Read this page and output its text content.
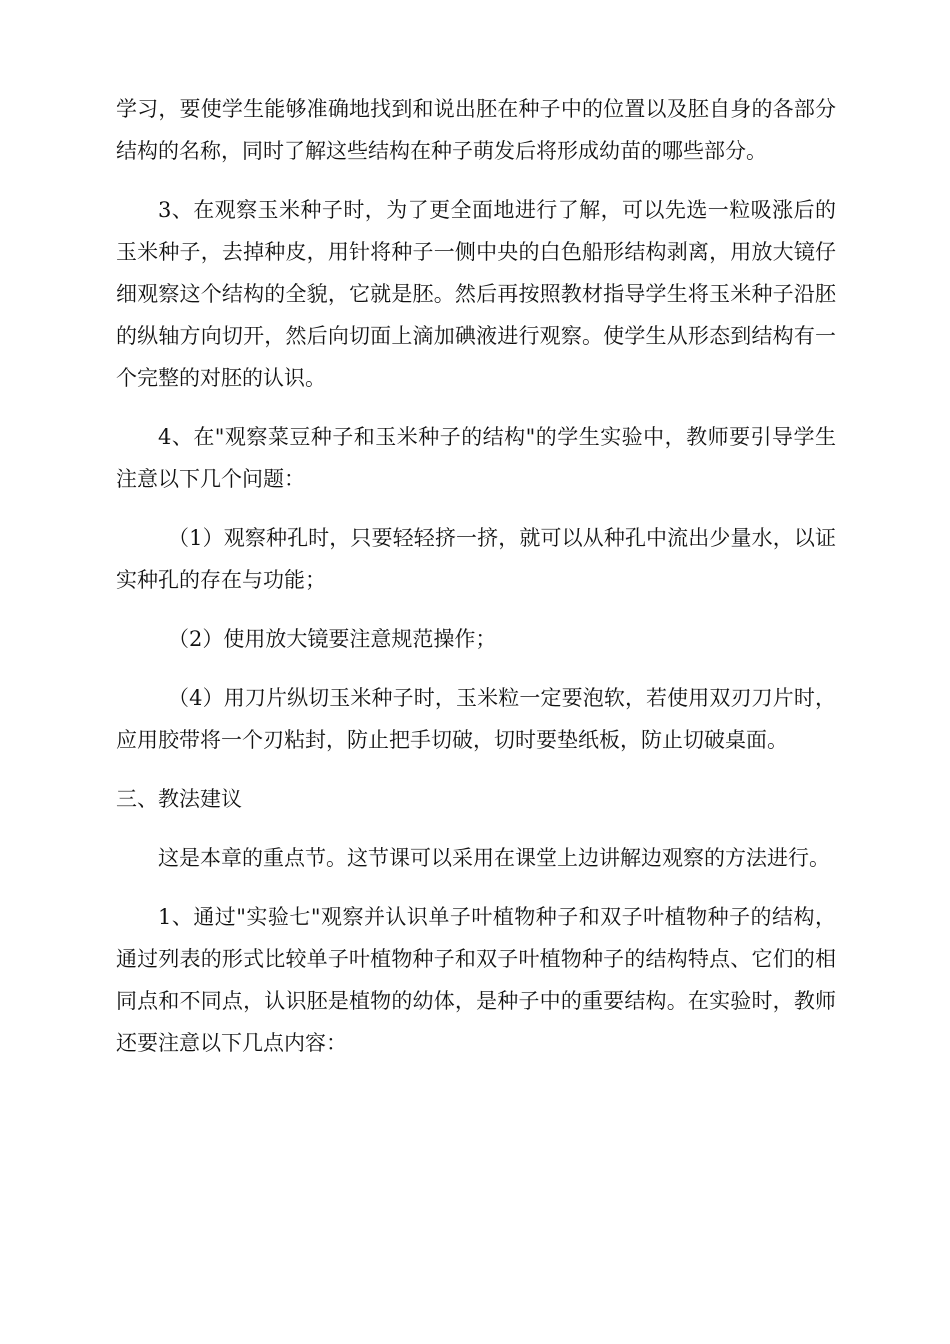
学习，要使学生能够准确地找到和说出胚在种子中的位置以及胚自身的各部分结构的名称，同时了解这些结构在种子萌发后将形成幼苗的哪些部分。

3、在观察玉米种子时，为了更全面地进行了解，可以先选一粒吸涨后的玉米种子，去掉种皮，用针将种子一侧中央的白色船形结构剥离，用放大镜仔细观察这个结构的全貌，它就是胚。然后再按照教材指导学生将玉米种子沿胚的纵轴方向切开，然后向切面上滴加碘液进行观察。使学生从形态到结构有一个完整的对胚的认识。

4、在"观察菜豆种子和玉米种子的结构"的学生实验中，教师要引导学生注意以下几个问题：

（1）观察种孔时，只要轻轻挤一挤，就可以从种孔中流出少量水，以证实种孔的存在与功能；

（2）使用放大镜要注意规范操作；

（4）用刀片纵切玉米种子时，玉米粒一定要泡软，若使用双刃刀片时，应用胶带将一个刃粘封，防止把手切破，切时要垫纸板，防止切破桌面。

三、教法建议

这是本章的重点节。这节课可以采用在课堂上边讲解边观察的方法进行。

1、通过"实验七"观察并认识单子叶植物种子和双子叶植物种子的结构，通过列表的形式比较单子叶植物种子和双子叶植物种子的结构特点、它们的相同点和不同点，认识胚是植物的幼体，是种子中的重要结构。在实验时，教师还要注意以下几点内容：
